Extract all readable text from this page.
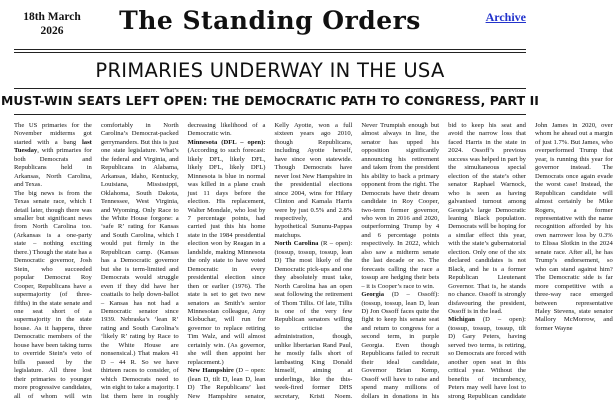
18th March 2026	The Standing Orders	Archive
PRIMARIES UNDERWAY IN THE USA
MUST-WIN SEATS LEFT OPEN: THE DEMOCRATIC PATH TO CONGRESS, PART II

The US primaries for the November midterms got started with a bang last Tuesday, with primaries for both Democrats and Republicans held in Arkansas, North Carolina, and Texas.

The big news is from the Texas senate race, which I detail later, though there was smaller but significant news from North Carolina too. (Arkansas is a one-party state – nothing exciting there.) Though the state has a Democratic governor, Josh Stein, who succeeded popular Democrat Roy Cooper, Republicans have a supermajority (of three-fifths) in the state senate and one seat short of a supermajority in the state house. As it happens, three Democratic members of the house have been taking turns to override Stein’s veto of bills passed by the legislature. All three lost their primaries to younger more progressive candidates, all of whom will win comfortably in North Carolina’s Democrat-packed gerrymanders. But this is just one state legislature. What’s the federal and Virginia, and Republicans in Alabama, Arkansas, Idaho, Kentucky, Louisiana, Mississippi, Oklahoma, South Dakota, Tennessee, West Virginia, and Wyoming. Only Race to the White House forgone: a ‘safe R’ rating for Kansas and South Carolina, which I would put firmly in the Republican camp. (Kansas has a Democratic governor but she is term-limited and Democrats would struggle even if they did have her coattails to help down-ballot – Kansas has not had a Democratic senator since 1939. Nebraska’s ‘lean R’ rating and South Carolina’s ‘likely R’ rating by Race to the White House are nonsensical.) That makes 41 D – 44 R. So we have thirteen races to consider, of which Democrats need to win eight to take a majority. I list them here in roughly decreasing likelihood of a Democratic win.

Minnesota (DFL – open): (According to such forecast: likely DFL, likely DFL, likely DFL, likely DFL) Minnesota is blue in normal was killed in a plane crash just 11 days before the election. His replacement, Walter Mondale, who lost by 7 percentage points, had carried just this his home state in the 1984 presidential election won by Reagan in a landslide, making Minnesota the only state to have voted Democratic in every presidential election since then or earlier (1976). The state is set to get two new senators as Smith’s senior Minnesotan colleague, Amy Klobuchar, will run for governor to replace retiring Tim Walz, and will almost certainly win. (As governor, she will then appoint her replacement.)

New Hampshire (D – open: (lean D, tilt D, lean D, lean D) The Republicans’ last New Hampshire senator, Kelly Ayotte, won a full sixteen years ago 2010, though Republicans, including Ayotte herself, have since won statewide. Though Democrats have never lost New Hampshire in the presidential elections since 2004, wins for Hilary Clinton and Kamala Harris were by just 0.5% and 2.8% respectively, and hypothetical Sununu-Pappas matchups.

North Carolina (R – open): (tossup, tossup, tossup, lean D) The most likely of the Democratic pick-ups and one they absolutely must take, North Carolina has an open seat following the retirement of Thom Tillis. Of late, Tillis is one of the very few Republican senators willing to criticise the administration, though, unlike libertarian Rand Paul, he mostly falls short of lambasting King Donald himself, aiming at underlings, like the this-week-fired former DHS secretary, Kristi Noem. Never Trumpish enough but almost always in line, the senator has upped his opposition significantly announcing his retirement and taken from the president his ability to back a primary opponent from the right. The Democrats have their dream candidate in Roy Cooper, two-term former governor, who won in 2016 and 2020, outperforming Trump by 4 and 6 percentage points respectively. In 2022, which also saw a midterm senate the last decade or so. The forecasts calling the race a tossup are hedging their bets – it is Cooper’s race to win.

Georgia (D – Ossoff): (tossup, tossup, lean D, lean D) Jon Ossoff faces quite the fight to keep his senate seat and return to congress for a second term, in purple Georgia. Even though Republicans failed to recruit their ideal candidate, Governor Brian Kemp, Ossoff will have to raise and spend many millions of dollars in donations in his bid to keep his seat and avoid the narrow loss that faced Harris in the state in 2024. Ossoff’s previous success was helped in part by the simultaneous special election of the state’s other senator Raphael Warnock, who is seen as having galvanised turnout among Georgia’s large Democratic leaning Black population. Democrats will be hoping for a similar effect this year, with the state’s gubernatorial election. Only one of the six declared candidates is not Black, and he is a former Republican Lieutenant Governor. That is, he stands no chance. Ossoff is strongly disfavouring the president, Ossoff is in the lead.

Michigan (D – open): (tossup, tossup, tossup, tilt D) Gary Peters, having served two terms, is retiring, so Democrats are forced with another open seat in this critical year. Without the benefits of incumbency, Peters may well have lost to strong Republican candidate John James in 2020, over whom he ahead out a margin of just 1.7%. But James, who overperformed Trump that year, is running this year for governor instead. The Democrats once again evade the worst case! Instead, the Republican candidate will almost certainly be Mike Rogers, a former representative with the name recognition afforded by his own narrower loss by 0.3% to Elissa Slotkin in the 2024 senate race. After all, he has Trump’s endorsement, so who can stand against him? The Democratic side is far more competitive with a three-way race emerged between representative Haley Stevens, state senator Mallory McMorrow, and former Wayne
